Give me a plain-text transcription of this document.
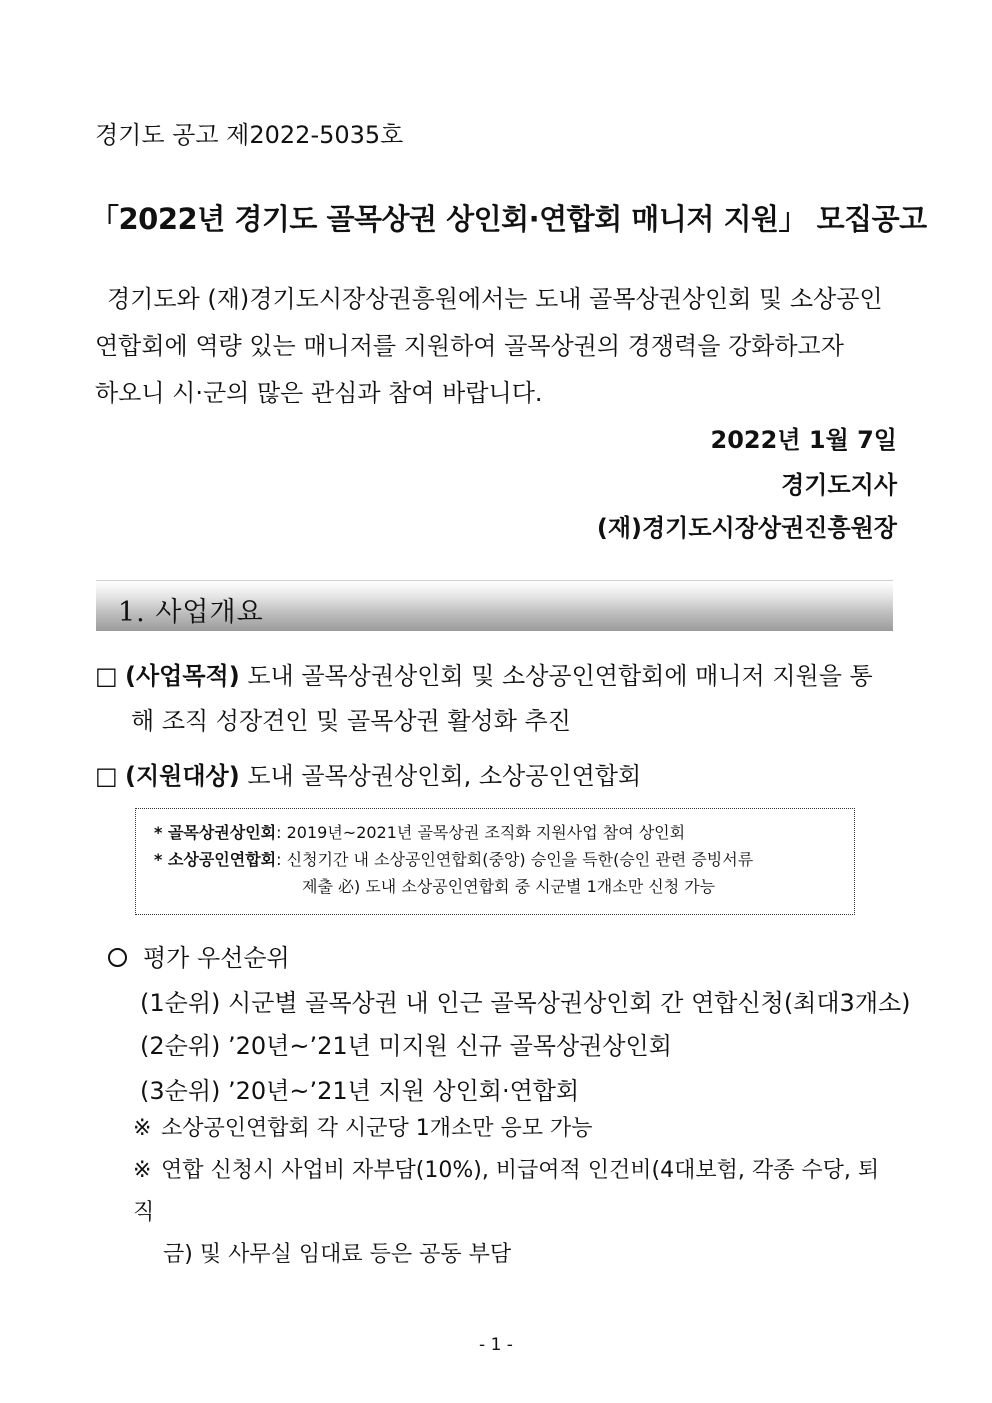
경기도 공고 제2022-5035호
「2022년 경기도 골목상권 상인회·연합회 매니저 지원」 모집공고

경기도와 (재)경기도시장상권흥원에서는 도내 골목상권상인회 및 소상공인

연합회에 역량 있는 매니저를 지원하여 골목상권의 경쟁력을 강화하고자

하오니 시·군의 많은 관심과 참여 바랍니다.

2022년 1월 7일
경기도지사
(재)경기도시장상권진흥원장
1. 사업개요
□ (사업목적) 도내 골목상권상인회 및 소상공인연합회에 매니저 지원을 통
해 조직 성장견인 및 골목상권 활성화 추진
□ (지원대상) 도내 골목상권상인회, 소상공인연합회
* 골목상권상인회: 2019년~2021년 골목상권 조직화 지원사업 참여 상인회
* 소상공인연합회: 신청기간 내 소상공인연합회(중앙) 승인을 득한(승인 관련 증빙서류
제출 必) 도내 소상공인연합회 중 시군별 1개소만 신청 가능
평가 우선순위
(1순위) 시군별 골목상권 내 인근 골목상권상인회 간 연합신청(최대3개소)
(2순위) ’20년~’21년 미지원 신규 골목상권상인회
(3순위) ’20년~’21년 지원 상인회·연합회
※ 소상공인연합회 각 시군당 1개소만 응모 가능
※ 연합 신청시 사업비 자부담(10%), 비급여적 인건비(4대보험, 각종 수당, 퇴직
금) 및 사무실 임대료 등은 공동 부담
- 1 -
